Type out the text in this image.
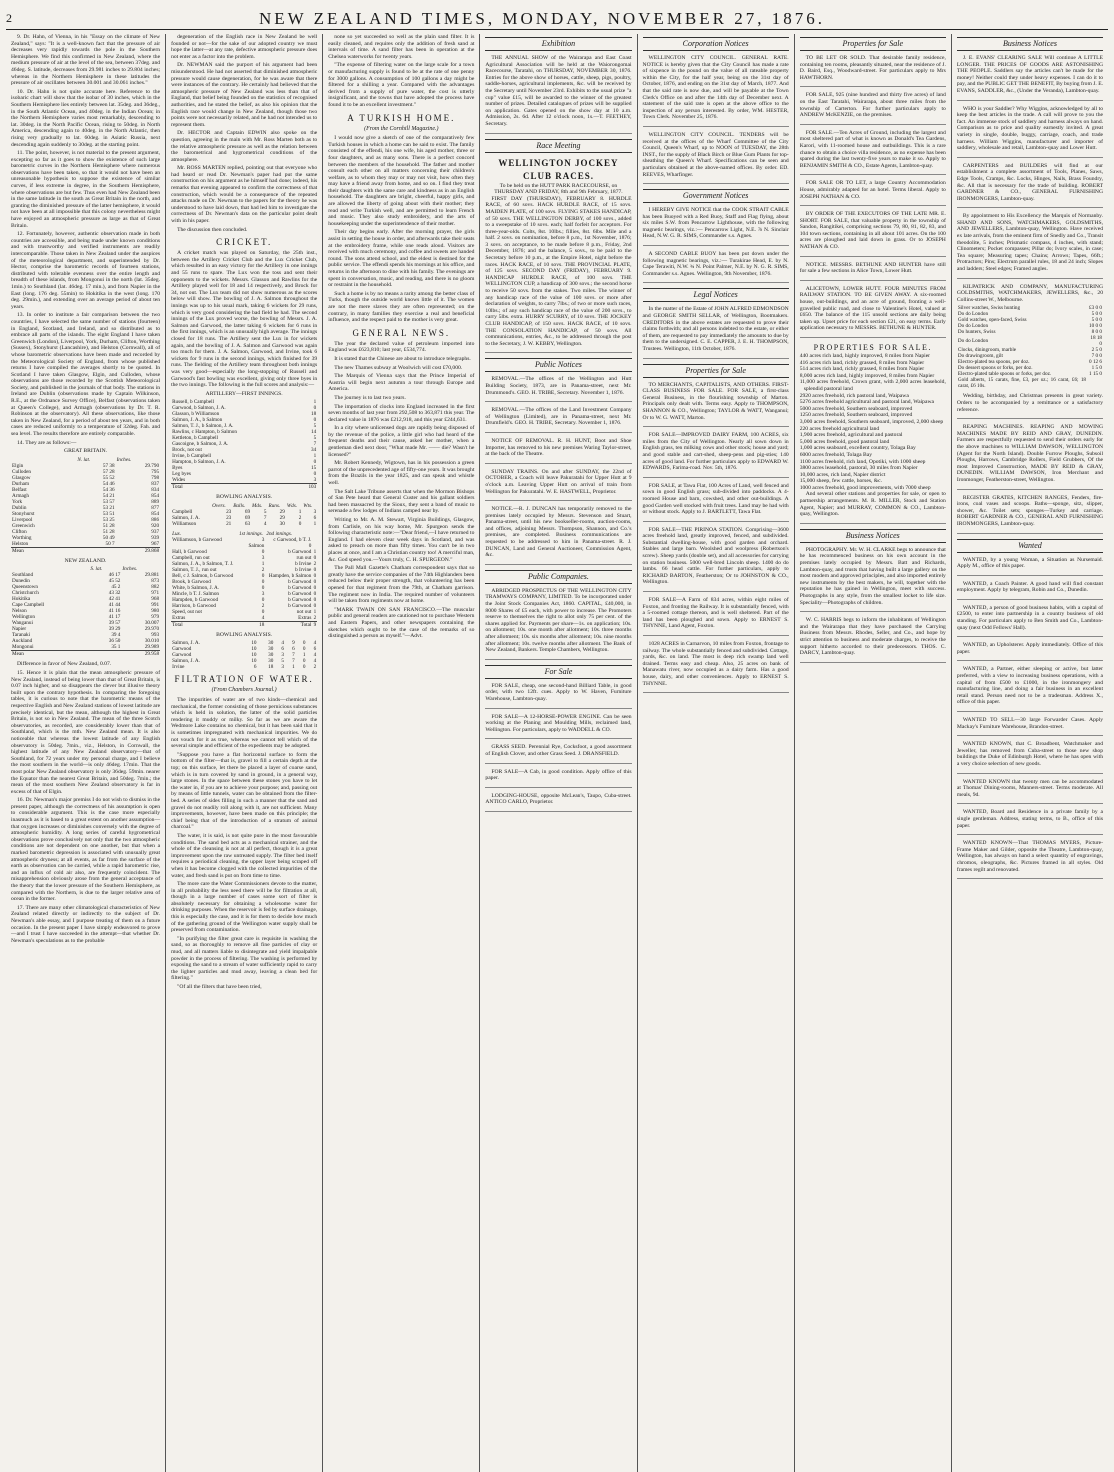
2	NEW ZEALAND TIMES, MONDAY, NOVEMBER 27, 1876.

9. Dr. Hahn, of Vienna, in his "Essay on the climate of New Zealand," says: "It is a well-known fact that the pressure of air decreases very rapidly towards the pole in the Southern Hemisphere. We find this confirmed in New Zealand, where the medium pressure of air at the level of the sea, between 37deg. and 46deg. S. latitude, decreases from 29.981 inches to 29.804 inches; whereas in the Northern Hemisphere in these latitudes the pressure of air oscillates between 30.001 and 30.061 inches."

10. Dr. Hahn is not quite accurate here. Reference to the isobaric chart will show that the isobar of 30 inches, which in the Southern Hemisphere lies entirely between lat. 35deg. and 36deg., in the South Atlantic Ocean, and 40deg. in the Indian Ocean; in the Northern Hemisphere varies most remarkably, descending to lat. 30deg. in the North Pacific Ocean, rising to 50deg. in North America, descending again to 40deg. in the North Atlantic, then rising very gradually to lat. 60deg. in Asiatic Russia, next descending again suddenly to 30deg. at the starting point.

11. The point, however, is not material to the present argument, excepting so far as it goes to show the existence of such large barometric curves in the Northern Hemisphere where numerous observations have been taken, so that it would not have been an unreasonable hypothesis to suppose the existence of similar curves, if less extreme in degree, in the Southern Hemisphere, where observations are but few. Thus even had New Zealand been in the same latitude in the south as Great Britain in the north, and granting the diminished pressure of the latter hemisphere, it would not have been at all impossible that this colony nevertheless might have enjoyed an atmospheric pressure as large as that of Great Britain.

12. Fortunately, however, authentic observation made in both countries are accessible, and being made under known conditions and with trustworthy and verified instruments are readily intercomparable. Those taken in New Zealand under the auspices of the meteorological department, and superintended by Dr. Hector, comprise the barometric records of fourteen stations, distributed with tolerable evenness over the entire length and breadth of these islands, from Mongonui in the north (lat. 35deg. 1min.) to Southland (lat. 46deg. 17 min.), and from Napier in the East (long. 176 deg. 55min) to Hokitika in the west (long. 170 deg. 29min.), and extending over an average period of about ten years.

13. In order to institute a fair comparison between the two countries, I have selected the same number of stations (fourteen) in England, Scotland, and Ireland, and so distributed as to embrace all parts of the islands. The eight England I have taken Greenwich (London), Liverpool, York, Durham, Clifton, Worthing (Sussex), Stonyhurst (Lancashire), and Helston (Cornwall), all of whose barometric observations have been made and recorded by the Meteorological Society of England, from whose published returns I have compiled the averages shortly to be quoted. In Scotland I have taken Glasgow, Elgin, and Culloden, whose observations are those recorded by the Scottish Meteorological Society, and published in the journals of that body. The stations in Ireland are Dublin (observations made by Captain Wilkinson, R.E., at the Ordnance Survey Office), Belfast (observations taken at Queen's College), and Armagh (observations by Dr. T. R. Robinson at the observatory). All these observations, like those taken in New Zealand, for a period of about ten years, and in both cases are reduced uniformly to a temperature of 32deg. Fah. and sea level. The results therefore are entirely comparable.

14. They are as follows:—

GREAT BRITAIN.
	N. lat.	Inches.
Elgin	57 38	29.790
Culloden	57 28	795
Glasgow	55 52	798
Durham	54 46	837
Belfast	54 36	834
Armagh	54 21	854
York	53 57	889
Dublin	53 21	877
Stonyhurst	53 51	854
Liverpool	53 25	886
Greenwich	51 28	920
Clifton	51 28	937
Worthing	50 49	939
Helston	50 7	967
Mean		29.868
NEW ZEALAND.
	S. lat.	Inches.
Southland	46 17	29.881
Dunedin	45 52	873
Queenstown	45 2	882
Christchurch	43 32	971
Hokitika	42 41	968
Cape Campbell	41 44	991
Nelson	41 16	980
Wellington	41 17	979
Wanganui	39 57	30.007
Napier	39 29	29.970
Taranaki	39 4	993
Auckland	36 50	30.010
Mongonui	35 1	29.989
Mean		29.958

Difference in favor of New Zealand, 0.07.

15. Hence it is plain that the mean atmospheric pressure of New Zealand, instead of being lower than that of Great Britain, is 0.07 inch higher, and so disappears the clever but illusive theory built upon the contrary hypothesis. In comparing the foregoing tables, it is curious to note that the barometric means of the respective English and New Zealand stations of lowest latitude are precisely identical, but the mean, although the highest in Great Britain, is not so in New Zealand. The mean of the three Scotch observatories, as recorded, are considerably lower than that of Southland, which is the mth. New Zealand mean. It is also noticeable that whereas the lowest latitude of any English observatory is 50deg. 7min., viz., Helston, in Cornwall, the highest latitude of any New Zealand observatory—that of Southland, for 72 years under my personal charge, and I believe the most southern in the world—is only 46deg. 17min. That the most polar New Zealand observatory is only 36deg. 59min. nearer the Equator than the nearest Great Britain, and 50deg. 7min.; the mean of the most southern New Zealand observatory is far in excess of that of Elgin.

16. Dr. Newman's major premiss I do not wish to dismiss in the present paper, although the correctness of his assumption is open to considerable argument. This is the case more especially inasmuch as it is based to a great extent on another assumption—that oxygen increases or diminishes conversely with the degree of atmospheric humidity. A long series of careful hygrometrical observations prove conclusively not only that the two atmospheric conditions are not dependent on one another, but that when a marked barometric depression is associated with unusually great atmospheric dryness; at all events, as far from the surface of the earth as observation can be carried, while a rapid barometric rise, and an influx of cold air also, are frequently coincident. The misapprehension obviously arose from the general acceptance of the theory that the lower pressure of the Southern Hemisphere, as compared with the Northern, is due to the larger relative area of ocean in the former.

17. There are many other climatological characteristics of New Zealand related directly or indirectly to the subject of Dr. Newman's able essay, and I purpose treating of them on a future occasion. In the present paper I have simply endeavored to prove—and I trust I have succeeded in the attempt—that whether Dr. Newman's speculations as to the probable

degeneration of the English race in New Zealand be well founded or not—for the sake of our adopted country we must hope the latter—at any rate, defective atmospheric pressure does not enter as a factor into the problem.

Dr. NEWMAN said the purport of his argument had been misunderstood. He had not asserted that diminished atmospheric pressure would cause degeneration, for he was aware that there were instances of the contrary. He certainly had believed that the atmospheric pressure of New Zealand was less than that of England, that belief being founded on the statistics of recognised authorities, and he stated the belief, as also his opinion that the English race would change in New Zealand, though those two points were not necessarily related, and he had not intended us to represent them.

Dr. HECTOR and Captain EDWIN also spoke on the question, agreeing in the main with Mr. Ross Marten both as to the relative atmospheric pressure as well as the relation between the barometrical and hygrometrical conditions of the atmosphere.

Mr. ROSS MARTEN replied, pointing out that everyone who had heard or read Dr. Newman's paper had put the same construction on his argument as he himself had done; indeed, his remarks that evening appeared to confirm the correctness of that construction, which would be a consequence of the repeated attacks made on Dr. Newman to the papers for the theory he was understood to have laid down, that had led him to investigate the correctness of Dr. Newman's data on the particular point dealt with in his paper.

The discussion then concluded.

CRICKET.

A cricket match was played on Saturday, the 25th inst., between the Artillery Cricket Club and the Lux Cricket Club, which resulted in an easy victory for the Artillery in one innings and 55 runs to spare. The Lux won the toss and sent their opponents to the wickets. Messrs. Glasson and Rawlins for the Artillery played well for 18 and 14 respectively, and Brock for 34, not out. The Lux team did not show numerous as the scores below will show. The bowling of J. A. Salmon throughout the innings was up to his usual mark, taking 6 wickets for 29 runs, which is very good considering the bad field he had. The second innings of the Lux proved worse, the bowling of Messrs. J. A. Salmon and Garwood, the latter taking 6 wickets for 6 runs in the first innings, which is an unusually high average. The innings closed for 18 runs. The Artillery sent the Lux in for wickets again, and the bowling of J. A. Salmon and Garwood was again too much for them. J. A. Salmon, Garwood, and Irvine, took 6 wickets for 9 runs in the second innings, which finished for 39 runs. The fielding of the Artillery team throughout both innings was very good—especially the long-stopping of Russell and Garwood's fast bowling was excellent, giving only three byes in the two innings. The following is the full scores and analysis:—

ARTILLERY—FIRST INNINGS.
Russell, b Campbell	1
Garwood, b Salmon, J. A.	0
Glasson, b Williamson	18
Salmon, J. A., b Salmon	0
Salmon, T. J., b Salmon, J. A.	5
Rawlins, c Hampton, b Salmon	14
Kettleton, b Campbell	5
Gascoigne, b Salmon, J. A.	7
Brock, not out	34
Irvine, b Campbell	1
Hampton, b Salmon, J. A.	0
Byes	15
Leg byes	0
Wides	3
Total	103
BOWLING ANALYSIS.
	Overs.	Balls.	Mds.	Runs.	Wds.	Wts.
Campbell	23	69	5	29	1	3
Salmon, J. A.	23	69	7	29	2	6
Williamson	21	63	4	30	0	1
Lux.	1st innings.	2nd innings.	
Williamson, b Garwood	3	c Garwood, b T. J.	
	Salmon	0	
Hall, b Garwood	0	b Garwood	1
Campbell, run out	3	run out	0
Salmon, J. A., b Salmon, T. J.	1	b Irvine	2
Salmon, T. J., run out	2	b Irvine	0
Bell, c J. Salmon, b Garwood	0	Hampden, b Salmon	0
Brook, b Garwood	0	b Garwood	0
White, b Salmon, J. A.	0	b Garwood	0
Mincle, b T. J. Salmon	3	b Garwood	0
Hampden, b Garwood	0	b Garwood	0
Harrison, b Garwood	2	b Garwood	0
Speed, out not	0	not out	1
Extras	4	Extras	2
Total	18	Total	9
BOWLING ANALYSIS.
Salmon, J. A.	10	30	4	9	0	4
Garwood	10	30	6	6	0	6
Garwood	10	30	3	7	1	4
Salmon, J. A.	10	30	5	7	0	4
Irvine	6	18	3	1	0	2
FILTRATION OF WATER.
(From Chambers Journal.)

The impurities of water are of two kinds—chemical and mechanical, the former consisting of those pernicious substances which is held in solution, the latter of the solid particles rendering it muddy or milky. So far as we are aware the Wedmore Lake contains no chemical, but it has been said that it is sometimes impregnated with mechanical impurities. We do not vouch for it as true, whereas we cannot tell which of the several simple and efficient of the expedients may be adopted.

"Suppose you have a flat horizontal surface to form the bottom of the filter—that is, gravel to fill a certain depth at the top; on this surface, let there be placed a layer of coarse sand, which is in turn covered by sand in ground, in a general way, large stones. In the space between these stones you have to let the water in, if you are to achieve your purpose; and, passing out by means of little tunnels, water can be obtained from the filter-bed. A series of sides filling in such a manner that the sand and gravel do not readily roll along with it, are not sufficient. Many improvements, however, have been made on this principle; the chief being that of the introduction of a stratum of animal charcoal."

The water, it is said, is not quite pure in the most favourable conditions. The sand bed acts as a mechanical strainer, and the whole of the cleansing is not at all perfect, though it is a great improvement upon the raw untreated supply. The filter bed itself requires a periodical cleaning, the upper layer being scraped off when it has become clogged with the collected impurities of the water, and fresh sand is put on from time to time.

The more care the Water Commissioners devote to the matter, in all probability the less need there will be for filtration at all, though in a large number of cases some sort of filter is absolutely necessary for obtaining a wholesome water for drinking purposes. When the reservoir is fed by surface drainage, this is especially the case, and it is for them to decide how much of the gathering ground of the Wellington water supply shall be preserved from contamination.

"In purifying the filter great care is requisite in washing the sand, so as thoroughly to remove all fine particles of clay or mud, and all matters liable to disintegrate and yield impalpable powder in the process of filtering. The washing is performed by exposing the sand to a stream of water sufficiently rapid to carry the lighter particles and mud away, leaving a clean bed for filtering."

"Of all the filters that have been tried,

none so yet succeeded so well as the plain sand filter. It is easily cleaned, and requires only the addition of fresh sand at intervals of time. A sand filter has been in operation at the Chelsea waterworks for twenty years.

"The expense of filtering water on the large scale for a town or manufacturing supply is found to be at the rate of one penny for 3000 gallons. A consumption of 100 gallons a day might be filtered for a shilling a year. Compared with the advantages derived from a supply of pure water, the cost is utterly insignificant, and the towns that have adopted the process have found it to be an excellent investment."

A TURKISH HOME.
(From the Cornhill Magazine.)

I would now give a sketch of one of the comparatively few Turkish houses in which a home can be said to exist. The family consisted of the effendi, his one wife, his aged mother, three or four daughters, and as many sons. There is a perfect concord between the members of the household. The father and mother consult each other on all matters concerning their children's welfare, as to whom they may or may not visit, how often they may have a friend away from home, and so on. I find they treat their daughters with the same care and kindness as in an English household. The daughters are bright, cheerful, happy girls, and are allowed the liberty of going about with their mother; they read and write Turkish well, and are permitted to learn French and music. They also study embroidery, and the arts of housekeeping under the superintendence of their mother.

Their day begins early. After the morning prayer, the girls assist in setting the house in order, and afterwards take their seats at the embroidery frame, while one reads aloud. Visitors are received with much ceremony, and coffee and sweets are handed round. The sons attend school, and the eldest is destined for the public service. The effendi spends his mornings at his office, and returns in the afternoon to dine with his family. The evenings are spent in conversation, music, and reading, and there is no gloom or restraint in the household.

Such a home is by no means a rarity among the better class of Turks, though the outside world knows little of it. The women are not the mere slaves they are often represented; on the contrary, in many families they exercise a real and beneficial influence, and the respect paid to the mother is very great.

GENERAL NEWS.

The year the declared value of petroleum imported into England was £623,810; last year, £534,774.

It is stated that the Chinese are about to introduce telegraphs.

The new Thames subway at Woolwich will cost £70,000.

The Marquis of Vienna says that the Prince Imperial of Austria will begin next autumn a tour through Europe and America.

The journey is to last two years.

The importation of clocks into England increased in the first seven months of last year from 292,508 to 363,871 this year. The declared value in 1876 was £212,918, and this year £244,631.

In a city where unlicensed dogs are rapidly being disposed of by the revenue of the police, a little girl who had heard of the frequent deaths and their cause, asked her mother, when a gentleman died next door, "What made Mr. —— die? Wasn't he licensed?"

Mr. Robert Kennedy, Wigtown, has in his possession a green parrot of the unprecedented age of fifty-one years. It was brought from the Brazils in the year 1825, and can speak and whistle well.

The Salt Lake Tribune asserts that when the Mormon Bishops of San Pete heard that General Custer and his gallant soldiers had been massacred by the Sioux, they sent a band of music to serenade a few lodges of Indians camped near by.

Writing to Mr. A. M. Stewart, Virginia Buildings, Glasgow, from Carlisle, on his way home, Mr. Spurgeon sends the following characteristic note:—"Dear friend,—I have returned to England. I had eleven clear week days in Scotland, and was asked to preach on more than fifty times. You can't be in two places at once, and I am a Christian country too! A merciful man, &c. God speed you.—Yours truly, C. H. SPURGEON."

The Pall Mall Gazette's Chatham correspondent says that so greatly have the service companies of the 74th Highlanders been reduced below their proper strength, that volunteering has been opened for that regiment from the 79th, at Chatham garrison. The regiment now in India. The required number of volunteers will be taken from regiments now at home.

"MARK TWAIN ON SAN FRANCISCO.—The muscular public and general readers are cautioned not to purchase Western and Eastern Papers, and other newspapers containing the sketches which ought to be the case of the remarks of so distinguished a person as myself."—Advt.

Exhibition

THE ANNUAL SHOW of the Wairarapa and East Coast Agricultural Association will be held at the Waiorongomai Racecourse, Taratahi, on THURSDAY, NOVEMBER 30, 1876. Entries for the above show of horses, cattle, sheep, pigs, poultry, saddle-horses, agricultural implements, &c. will be received by the Secretary until November 23rd. Exhibits to the usual prize "a cup" value £15, will be awarded to the winner of the greatest number of prizes. Detailed catalogues of prizes will be supplied on application. Gates opened on the show day at 10 a.m. Admission, 2s. 6d. After 12 o'clock noon, 1s.—T. FEETHEY, Secretary.

Race Meeting
WELLINGTON JOCKEY CLUB RACES.
To be held on the HUTT PARK RACECOURSE, on THURSDAY AND FRIDAY, 8th and 9th February, 1877.

FIRST DAY (THURSDAY), FEBRUARY 8. HURDLE RACE, of 60 sovs. HACK HURDLE RACE, of 15 sovs. MAIDEN PLATE, of 100 sovs. FLYING STAKES HANDICAP, of 50 sovs. THE WELLINGTON DERBY, of 100 sovs., added to a sweepstake of 10 sovs. each; half forfeit for acceptors. For three-year-olds. Colts, 8st. 10lbs.; fillies, 8st. 6lbs. Mile and a half. 2 sovs. on nomination, before 8 p.m., 1st November, 1876; 3 sovs. on acceptance, to be made before 8 p.m., Friday, 2nd December, 1876; and the balance, 5 sovs., to be paid to the Secretary before 10 p.m., at the Empire Hotel, night before the races. HACK RACE, of 10 sovs. THE PROVINCIAL PLATE, of 125 sovs. SECOND DAY (FRIDAY), FEBRUARY 9. HANDICAP HURDLE RACE, of 100 sovs. THE WELLINGTON CUP, a handicap of 300 sovs.; the second horse to receive 50 sovs. from the stakes. Two miles. The winner of any handicap race of the value of 100 sovs. or more after declaration of weights, to carry 7lbs.; of two or more such races, 10lbs.; of any such handicap race of the value of 200 sovs., to carry 5lbs. extra. HURRY SCURRY, of 10 sovs. THE JOCKEY CLUB HANDICAP, of 150 sovs. HACK RACE, of 10 sovs. THE CONSOLATION HANDICAP, of 50 sovs. All communications, entries, &c., to be addressed through the post to the Secretary, J. W. KEBBY, Wellington.

Public Notices

REMOVAL.—The offices of the Wellington and Hutt Building Society, 1873, are in Panama-street, next Mr. Drummond's. GEO. H. TRIBE, Secretary. November 1, 1876.

REMOVAL.—The offices of the Land Investment Company of Wellington (Limited), are in Panama-street, next Mr. Drumfield's. GEO. H. TRIBE, Secretary. November 1, 1876.

NOTICE OF REMOVAL. R. H. HUNT, Boot and Shoe Importer, has removed to his new premises Waring Taylor-street, at the back of the Theatre.

SUNDAY TRAINS. On and after SUNDAY, the 22nd of OCTOBER, a Coach will leave Pakuratahi for Upper Hutt at 9 o'clock a.m. Leaving Upper Hutt on arrival of train from Wellington for Pakuratahi. W. E. HASTWELL, Proprietor.

NOTICE.—R. J. DUNCAN has temporarily removed to the premises lately occupied by Messrs. Stevenson and Stuart, Panama-street, until his new bookseller-rooms, auction-rooms, and offices, adjoining Messrs. Thompson, Shannon, and Co.'s premises, are completed. Business communications are requested to be addressed to him in Panama-street. R. J. DUNCAN, Land and General Auctioneer, Commission Agent, &c.

Public Companies.

ABRIDGED PROSPECTUS OF THE WELLINGTON CITY TRAMWAYS COMPANY, LIMITED. To be incorporated under the Joint Stock Companies Act, 1860. CAPITAL, £40,000, in 8000 Shares of £5 each, with power to increase. The Promoters reserve to themselves the right to allot only 75 per cent. of the shares applied for. Payments per share—1s. on application; 10s. on allotment; 10s. one month after allotment; 10s. three months after allotment; 10s. six months after allotment; 10s. nine months after allotment; 10s. twelve months after allotment. The Bank of New Zealand, Bankers. Temple Chambers, Wellington.

For Sale

FOR SALE, cheap, one second-hand Billiard Table, in good order, with two 12ft. cues. Apply to W. Haven, Furniture Warehouse, Lambton-quay.

FOR SALE—A 12-HORSE-POWER ENGINE. Can be seen working at the Planing and Moulding Mills, reclaimed land, Wellington. For particulars, apply to WADDELL & CO.

GRASS SEED. Perennial Rye, Cocksfoot, a good assortment of English Clover, and other Grass Seed. J. DRANSFIELD.

FOR SALE—A Cab, in good condition. Apply office of this paper.

LODGING-HOUSE, opposite McLean's, Taupo, Cuba-street. ANTICO CARLO, Proprietor.

Corporation Notices

WELLINGTON CITY COUNCIL. GENERAL RATE. NOTICE is hereby given that the City Council has made a rate of sixpence in the pound on the value of all rateable property within the City, for the half year, being on the 31st day of October, 1876, and ending on the 31st day of March, 1877. And that the said rate is now due, and will be payable at the Town Clerk's Office on and after the 14th day of December next. A statement of the said rate is open at the above office to the inspection of any person interested. By order, WM. HESTER, Town Clerk. November 25, 1876.

WELLINGTON CITY COUNCIL. TENDERS will be received at the offices of the Wharf Committee of the City Council, Queen's Wharf, up to NOON of TUESDAY, the 28th INST., for the supply of Black Birch or Blue Gum Plants for top-sheathing the Queen's Wharf. Specifications can be seen and particulars obtained at the above-named offices. By order. ED. REEVES, Wharfinger.

Government Notices

I HEREBY GIVE NOTICE that the COOK STRAIT CABLE has been Buoyed with a Red Buoy, Staff and Flag flying, about six miles S.W. from Pencarrow Lighthouse, with the following magnetic bearings, viz.:— Pencarrow Light, N.E. ⅞ N. Sinclair Head, N.W. G. R. SIMS, Commander s.s. Agnes.

A SECOND CABLE BUOY has been put down under the following magnetic bearings, viz.:— Turakirae Head, E. by N. Cape Terawiti, N.W. ¾ N. Point Palmer, N.E. by N. G. R. SIMS, Commander s.s. Agnes. Wellington, 9th November, 1876.

Legal Notices

In the matter of the Estate of JOHN ALFRED EDMONDSON and GEORGE SMITH SELLAR, of Wellington, Bootmakers. CREDITORS in the above estates are requested to prove their claims forthwith; and all persons indebted to the estate, or either of them, are requested to pay immediately the amounts to due by them to the undersigned. C. E. CAPPER, J. E. H. THOMPSON, Trustees. Wellington, 11th October, 1876.

Properties for Sale

TO MERCHANTS, CAPITALISTS, AND OTHERS. FIRST-CLASS BUSINESS FOR SALE. FOR SALE, a first-class General Business, in the flourishing township of Marton. Principals only dealt with. Terms easy. Apply to THOMPSON, SHANNON & CO., Wellington; TAYLOR & WATT, Wanganui; Or to W. G. WATT, Marton.

FOR SALE—IMPROVED DAIRY FARM, 100 ACRES, six miles from the City of Wellington. Nearly all sown down in English grass, ten milking cows and other stock; house and yard; and good stable and cart-shed, sheep-pens and pig-sties; 140 acres of good land. For further particulars apply to EDWARD W. EDWARDS, Farima-road. Nov. 5th, 1876.

FOR SALE, at Tawa Flat, 100 Acres of Land, well fenced and sown in good English grass; sub-divided into paddocks. A 4-roomed House and barn, cowshed, and other out-buildings. A good Garden well stocked with fruit trees. Land may be had with or without stock. Apply to J. BARTLETT, Tawa Flat.

FOR SALE—THE PIRINOA STATION. Comprising—3600 acres freehold land, greatly improved, fenced, and subdivided. Substantial dwelling-house, with good garden and orchard. Stables and large barn. Woolshed and woolpress (Robertson's screw). Sheep yards (double set), and all accessories for carrying on station business. 5000 well-bred Lincoln sheep. 1400 do do lambs. 66 head cattle. For further particulars, apply to RICHARD BARTON, Featherston; Or to JOHNSTON & CO., Wellington.

FOR SALE—A Farm of 834 acres, within eight miles of Foxton, and fronting the Railway. It is substantially fenced, with a 5-roomed cottage thereon, and is well sheltered. Part of the land has been ploughed and sown. Apply to ERNEST S. THYNNE, Land Agent, Foxton.

1028 ACRES in Carnarvon, 10 miles from Foxton, frontage to railway. The whole substantially fenced and subdivided. Cottage, yards, &c. on land. The most is deep rich swamp land well drained. Terms easy and cheap. Also, 25 acres on bank of Manawatu river, now occupied as a dairy farm. Has a good house, dairy, and other conveniences. Apply to ERNEST S. THYNNE.

Properties for Sale

TO BE LET OR SOLD. That desirable family residence, containing ten rooms, pleasantly situated, near the residence of J. D. Baird, Esq., Woodward-street. For particulars apply to Mrs HAWTHORN.

FOR SALE, 925 (nine hundred and thirty five acres) of land on the East Taratahi, Wairarapa, about three miles from the township of Carterton. For further particulars apply to ANDREW McKENZIE, on the premises.

FOR SALE.—Ten Acres of Ground, including the largest and most sheltered part of what is known as Donald's Tea Gardens, Karori, with 11-roomed house and outbuildings. This is a rare chance to obtain a choice villa residence, as no expense has been spared during the last twenty-five years to make it so. Apply to BENJAMIN SMITH & CO., Estate Agents, Lambton-quay.

FOR SALE OR TO LET, a large Country Accommodation House, admirably adapted for an hotel. Terms liberal. Apply to JOSEPH NATHAN & CO.

BY ORDER OF THE EXECUTORS OF THE LATE MR. E. SHORT. FOR SALE, that valuable property in the township of Sandon, Rangitikei, comprising sections 79, 80, 81, 82, 83, and 104 town sections, containing in all about 101 acres. On the 100 acres are ploughed and laid down in grass. Or to JOSEPH NATHAN & CO.

NOTICE. MESSRS. BETHUNE AND HUNTER have still for sale a few sections in Alice Town, Lower Hutt.

ALICETOWN, LOWER HUTT. FOUR MINUTES FROM RAILWAY STATION. TO BE GIVEN AWAY. A six-roomed house, out-buildings, and an acre of ground, fronting a well-gravelled public road, and close to Valentine's Hotel, valued at £650. The balance of the 115 unsold sections are daily being taken up. Upset price for each section £21, on easy terms. Early application necessary to MESSRS. BETHUNE & HUNTER.

PROPERTIES FOR SALE.
440 acres rich land, highly improved, 8 miles from Napier
416 acres rich land, richly grassed, 8 miles from Napier
514 acres rich land, richly grassed, 8 miles from Napier
8,000 acres rich land, highly improved, 8 miles from Napier
11,000 acres freehold, Crown grant, with 2,000 acres leasehold, splendid pastoral land
2920 acres freehold, rich pastoral land, Waipawa
5276 acres freehold agricultural and pastoral land, Waipawa
5000 acres freehold, Southern seaboard, improved
1250 acres freehold, Southern seaboard, improved
3,000 acres freehold, Southern seaboard, improved, 2,000 sheep
220 acres freehold agricultural land
1,900 acres freehold, agricultural and pastoral
5,000 acres freehold, good pastoral land
1,000 acres seaboard, excellent country, Tolaga Bay
6000 acres freehold, Tolaga Bay
1100 acres freehold, rich land, Opotiki, with 1000 sheep
3800 acres leasehold, pastoral, 30 miles from Napier
10,000 acres, rich land, Napier district
15,000 sheep, few cattle, horses, &c.
1000 acres freehold, good improvements, with 7000 sheep

And several other stations and properties for sale, or open to partnership arrangements. M. R. MILLER, Stock and Station Agent, Napier; and MURRAY, COMMON & CO., Lambton-quay, Wellington.

Business Notices

PHOTOGRAPHY. Mr. W. H. CLARKE begs to announce that he has recommenced business on his own account in the premises lately occupied by Messrs. Batt and Richards, Lambton-quay, and trusts that having built a large gallery on the most modern and approved principles, and also imported entirely new instruments by the best makers, he will, together with the reputation he has gained in Wellington, meet with success. Photographs in any style, from the smallest locket to life size. Speciality—Photographs of children.

W. C. HARRIS begs to inform the inhabitants of Wellington and the Wairarapa that they have purchased the Carrying Business from Messrs. Rhodes, Seller, and Co., and hope by strict attention to business and moderate charges, to receive the support hitherto accorded to their predecessors. THOS. C. DARCY, Lambton-quay.

Business Notices

J. E. EVANS' CLEARING SALE Will continue A LITTLE LONGER. THE PRICES OF GOODS ARE ASTONISHING THE PEOPLE. Saddlers say the articles can't be made for the money! Neither could they under heavy expenses. I can do it to pay, and the PUBLIC GET THE BENEFIT, By buying from J. E. EVANS, SADDLER, &c., (Under the Veranda), Lambton-quay.

WHO is your Saddler? Why Wiggins, acknowledged by all to keep the best articles in the trade. A call will prove to you the fact. An immense stock of saddlery and harness always on hand. Comparison as to price and quality earnestly invited. A great variety in single, double, buggy, carriage, coach, and trade harness. William Wiggins, manufacturer and importer of saddlery, wholesale and retail, Lambton-quay and Lower Hutt.

CARPENTERS and BUILDERS will find at our establishment a complete assortment of Tools, Planes, Saws, Edge Tools, Cramps, &c. Locks, Hinges, Nails, Brass Foundry, &c. All that is necessary for the trade of building. ROBERT GARDNER & CO., GENERAL FURNISHING IRONMONGERS, Lambton-quay.

By appointment to His Excellency the Marquis of Normanby. SHAND AND SONS, WATCHMAKERS, GOLDSMITHS, AND JEWELLERS, Lambton-quay, Wellington. Have received ex late arrivals, from the eminent firm of Snedly and Co., Transit theodolite, 5 inches; Prismatic compass, 4 inches, with stand; Clinometers; Pocket compasses; Pillar do; Ivory scales, in case; Tea square; Measuring tapes; Chains; Arrows; Tapes, 66ft.; Protractors; Pins; Electrum parallel rules, 18 and 24 inch; Slopes and ladders; Steel edges; Framed angles.

KILPATRICK AND COMPANY, MANUFACTURING GOLDSMITHS, WATCHMAKERS, JEWELLERS, &c., 20 Collins-street W., Melbourne.

Silver watches, Swiss hunting	£3 0 0
Do do London	5 0 0
Gold watches, open-faced, Swiss	5 0 0
Do do London	10 0 0
Do hunters, Swiss	8 0 0
Do do London	18 18 0
Clocks, diningroom, marble	2 5 0
Do drawingroom, gilt	7 0 0
Electro-plated tea spoons, per doz.	0 12 6
Do dessert spoons or forks, per doz.	1 5 0
Electro-plated table spoons or forks, per doz.	1 15 0
Gold alberts, 15 carats, fine, £3, per oz.; 16 carat, £6; 18 carat, £6 10s.	

Wedding, birthday, and Christmas presents in great variety. Orders to be accompanied by a remittance or a satisfactory reference.

REAPING MACHINES. REAPING AND MOWING MACHINES MADE BY REID AND GRAY, DUNEDIN. Farmers are respectfully requested to send their orders early for the above machines to WILLIAM DAWSON, WELLINGTON (Agent for the North Island). Double Furrow Ploughs, Subsoil Ploughs, Harrows, Cambridge Rollers, Field Grubbers, Of the most Improved Construction, MADE BY REID & GRAY, DUNEDIN. WILLIAM DAWSON, Iron Merchant and Ironmonger, Featherston-street, Wellington.

REGISTER GRATES, KITCHEN RANGES, Fenders, fire-irons, coal vases and scoops. Baths—sponge, sitz, slipper, shower, &c. Toilet sets; sponges—Turkey and carriage. ROBERT GARDNER & CO., GENERAL AND FURNISHING IRONMONGERS, Lambton-quay.

Wanted

WANTED, by a young Woman, a Situation as Nursemaid. Apply M., office of this paper.

WANTED, a Coach Painter. A good hand will find constant employment. Apply by telegram, Robin and Co., Dunedin.

WANTED, a person of good business habits, with a capital of £2500, to enter into partnership in a country business of old standing. For particulars apply to Ben Smith and Co., Lambton-quay (next Odd Fellows' Hall).

WANTED, an Upholsterer. Apply immediately. Office of this paper.

WANTED, a Partner, either sleeping or active, but latter preferred, with a view to increasing business operations, with a capital of from £500 to £1000, in the ironmongery and manufacturing line, and doing a fair business in an excellent retail stand. Person need not to be a tradesman. Address X., office of this paper.

WANTED TO SELL—30 large Forwarder Cases. Apply Mackay's Furniture Warehouse, Brandon-street.

WANTED KNOWN, that C. Broadbent, Watchmaker and Jeweller, has removed from Cuba-street to those new shop buildings the Duke of Edinburgh Hotel, where he has open with a very choice selection of new goods.

WANTED KNOWN that twenty men can be accommodated at Thomas' Dining-rooms, Manners-street. Terms moderate. All meals, 9d.

WANTED, Board and Residence in a private family by a single gentleman. Address, stating terms, to B., office of this paper.

WANTED KNOWN—That THOMAS MYERS, Picture-Frame Maker and Gilder, opposite the Theatre, Lambton-quay, Wellington, has always on hand a select quantity of engravings, chromos, oleographs, &c. Pictures framed in all styles. Old frames regilt and renovated.
